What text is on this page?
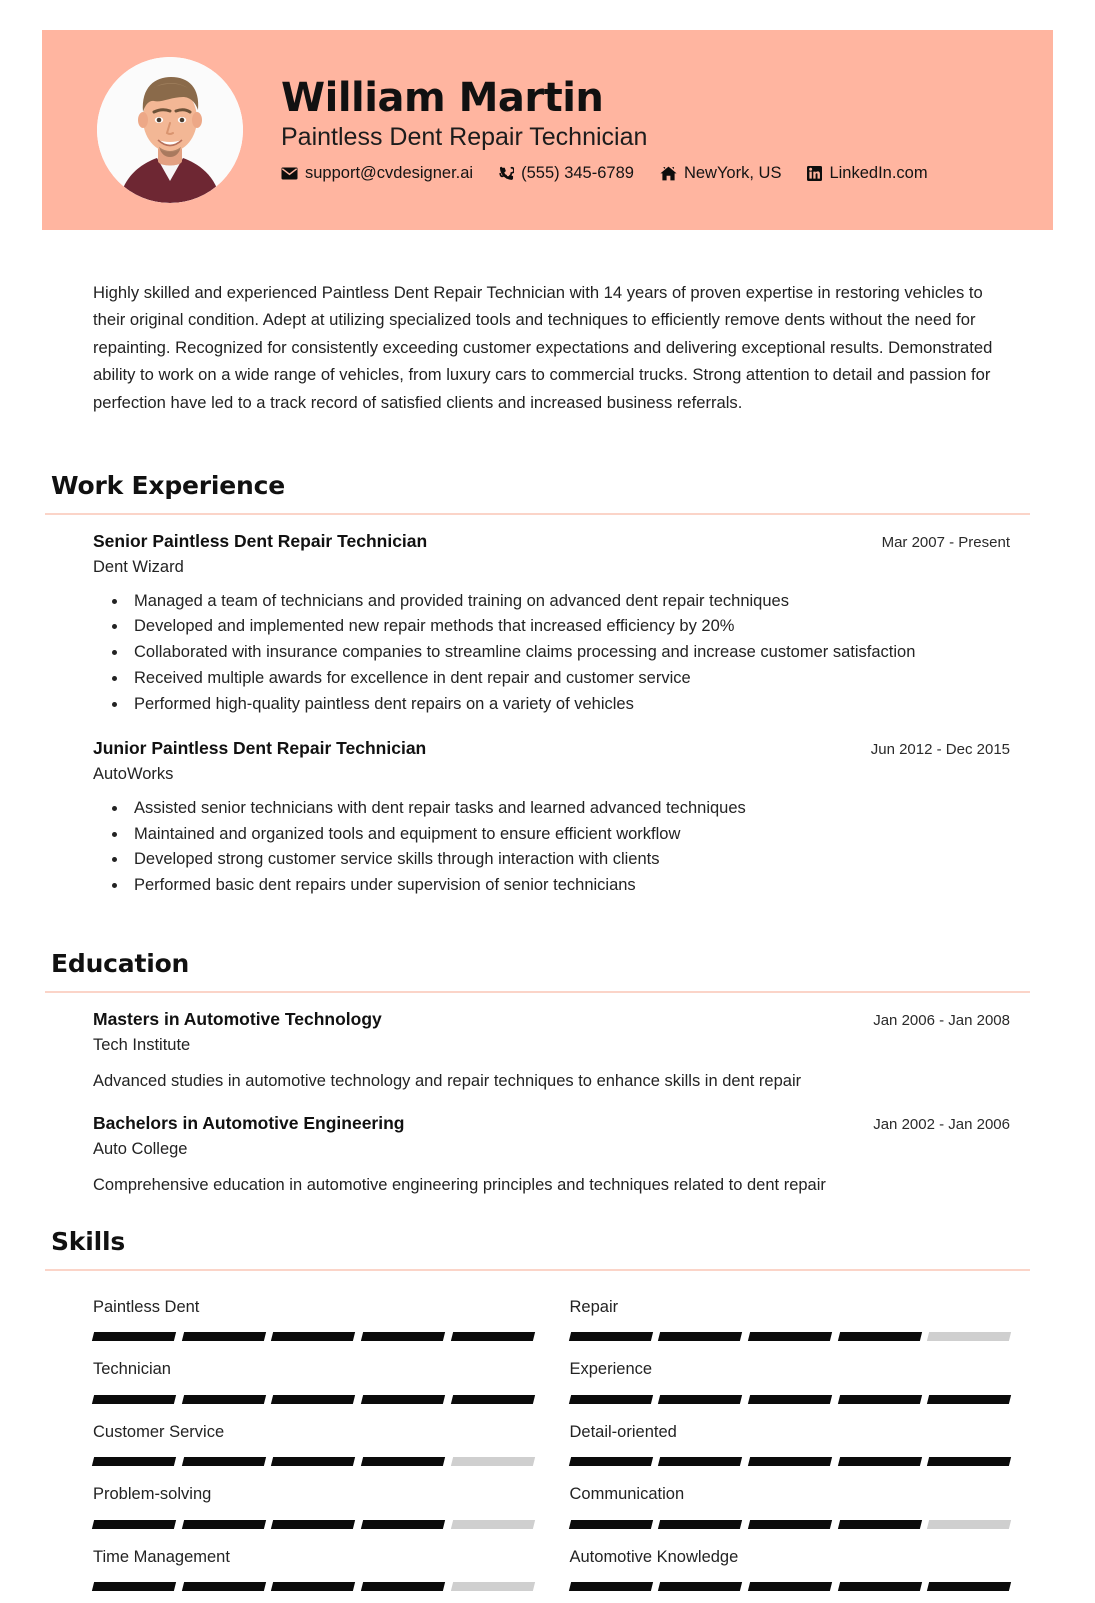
William Martin
Paintless Dent Repair Technician
support@cvdesigner.ai	(555) 345-6789	NewYork, US	LinkedIn.com
Highly skilled and experienced Paintless Dent Repair Technician with 14 years of proven expertise in restoring vehicles to their original condition. Adept at utilizing specialized tools and techniques to efficiently remove dents without the need for repainting. Recognized for consistently exceeding customer expectations and delivering exceptional results. Demonstrated ability to work on a wide range of vehicles, from luxury cars to commercial trucks. Strong attention to detail and passion for perfection have led to a track record of satisfied clients and increased business referrals.
Work Experience
Senior Paintless Dent Repair Technician	Mar 2007 - Present
Dent Wizard
• Managed a team of technicians and provided training on advanced dent repair techniques
• Developed and implemented new repair methods that increased efficiency by 20%
• Collaborated with insurance companies to streamline claims processing and increase customer satisfaction
• Received multiple awards for excellence in dent repair and customer service
• Performed high-quality paintless dent repairs on a variety of vehicles
Junior Paintless Dent Repair Technician	Jun 2012 - Dec 2015
AutoWorks
• Assisted senior technicians with dent repair tasks and learned advanced techniques
• Maintained and organized tools and equipment to ensure efficient workflow
• Developed strong customer service skills through interaction with clients
• Performed basic dent repairs under supervision of senior technicians
Education
Masters in Automotive Technology	Jan 2006 - Jan 2008
Tech Institute
Advanced studies in automotive technology and repair techniques to enhance skills in dent repair
Bachelors in Automotive Engineering	Jan 2002 - Jan 2006
Auto College
Comprehensive education in automotive engineering principles and techniques related to dent repair
Skills
Paintless Dent	Repair
Technician	Experience
Customer Service	Detail-oriented
Problem-solving	Communication
Time Management	Automotive Knowledge
